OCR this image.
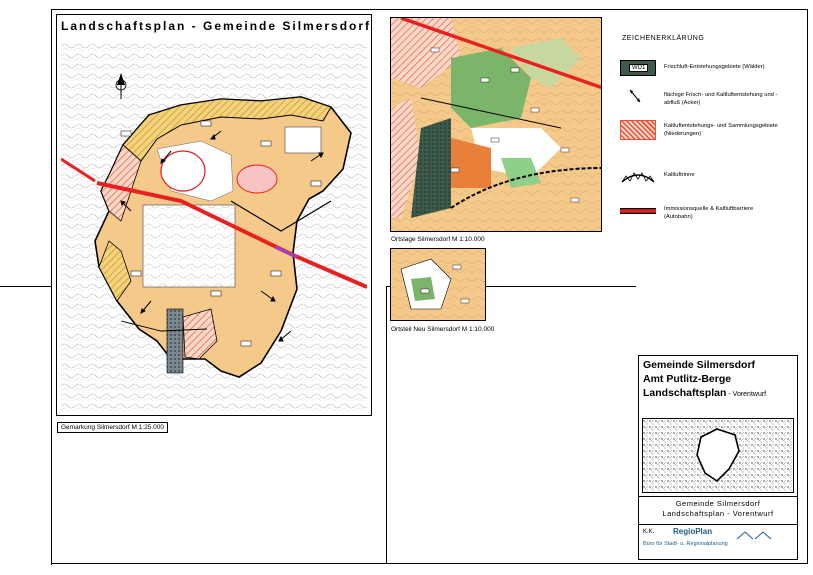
Landschaftsplan - Gemeinde Silmersdorf
Gemarkung Silmersdorf M 1:25.000
Ortslage Silmersdorf M 1:10.000
Ortsteil Neu Silmersdorf M 1:10.000
ZEICHENERKLÄRUNG
WD1	Frischluft-Entstehungsgebiete (Wälder)
flächige Frisch- und Kaltluftentstehung und -abfluß (Acker)
Kaltluftentstehungs- und Sammlungsgebiete (Niederungen)
Kaltluftrinne
Immissionsquelle & Kaltluftbarriere (Autobahn)
Gemeinde Silmersdorf
Amt Putlitz-Berge
Landschaftsplan - Vorentwurf
Gemeinde Silmersdorf
Landschaftsplan - Vorentwurf
K.K. RegioPlan
Büro für Stadt- u. Regionalplanung
